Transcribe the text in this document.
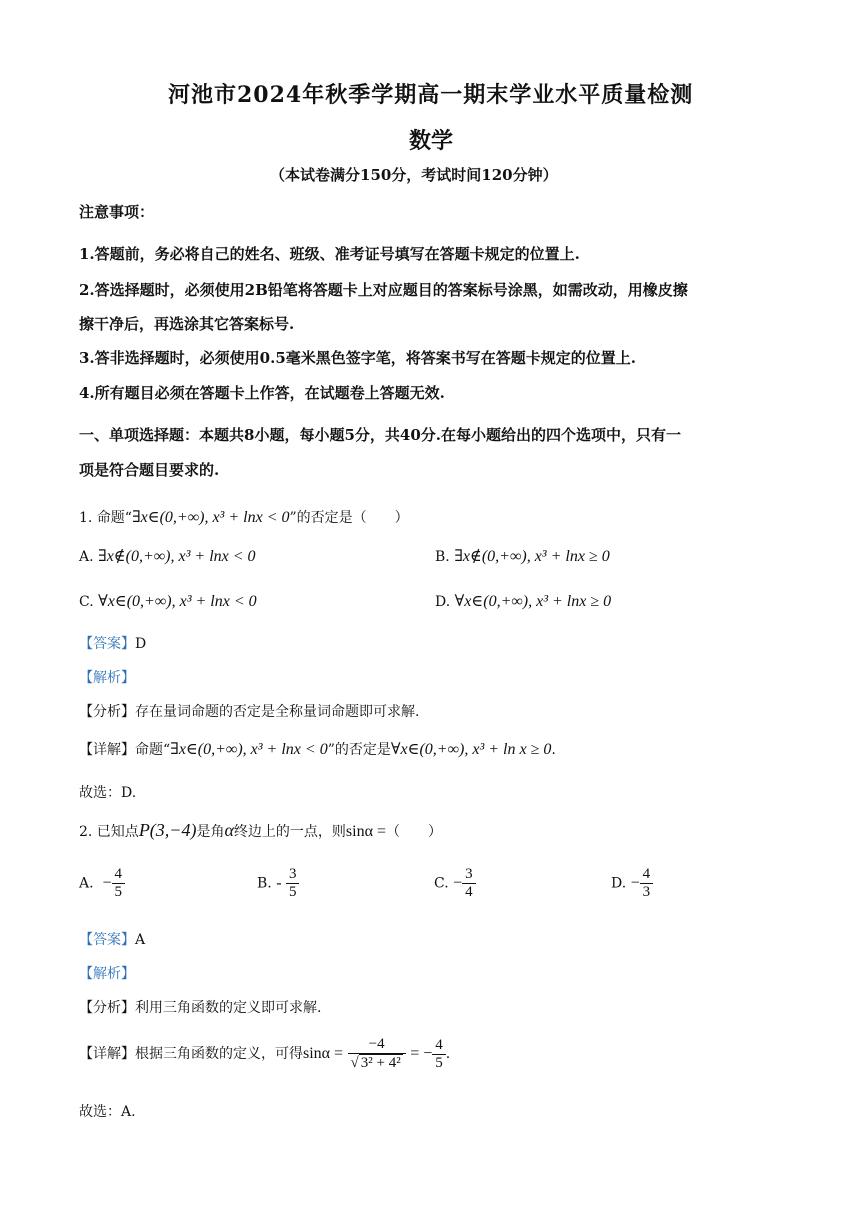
河池市2024年秋季学期高一期末学业水平质量检测
数学
（本试卷满分150分，考试时间120分钟）
注意事项：
1.答题前，务必将自己的姓名、班级、准考证号填写在答题卡规定的位置上.
2.答选择题时，必须使用2B铅笔将答题卡上对应题目的答案标号涂黑，如需改动，用橡皮擦
擦干净后，再选涂其它答案标号.
3.答非选择题时，必须使用0.5毫米黑色签字笔，将答案书写在答题卡规定的位置上.
4.所有题目必须在答题卡上作答，在试题卷上答题无效.
一、单项选择题：本题共8小题，每小题5分，共40分.在每小题给出的四个选项中，只有一
项是符合题目要求的.
1. 命题“∃x∈(0,+∞), x³ + lnx < 0”的否定是（　　）
A. ∃x∉(0,+∞), x³ + lnx < 0	B. ∃x∉(0,+∞), x³ + lnx ≥ 0
C. ∀x∈(0,+∞), x³ + lnx < 0	D. ∀x∈(0,+∞), x³ + lnx ≥ 0
【答案】D
【解析】
【分析】存在量词命题的否定是全称量词命题即可求解.
【详解】命题“∃x∈(0,+∞), x³ + lnx < 0”的否定是∀x∈(0,+∞), x³ + ln x ≥ 0.
故选：D.
2. 已知点P(3,−4)是角α终边上的一点，则sinα =（　　）
A. − $\frac{4}{5}$	B. - $\frac{3}{5}$	C. − $\frac{3}{4}$	D. − $\frac{4}{3}$
【答案】A
【解析】
【分析】利用三角函数的定义即可求解.
【详解】根据三角函数的定义，可得$\sin\alpha = \frac{-4}{\text{√ 3² + 4²}}$ = − $\frac{4}{5}$ .
故选：A.
